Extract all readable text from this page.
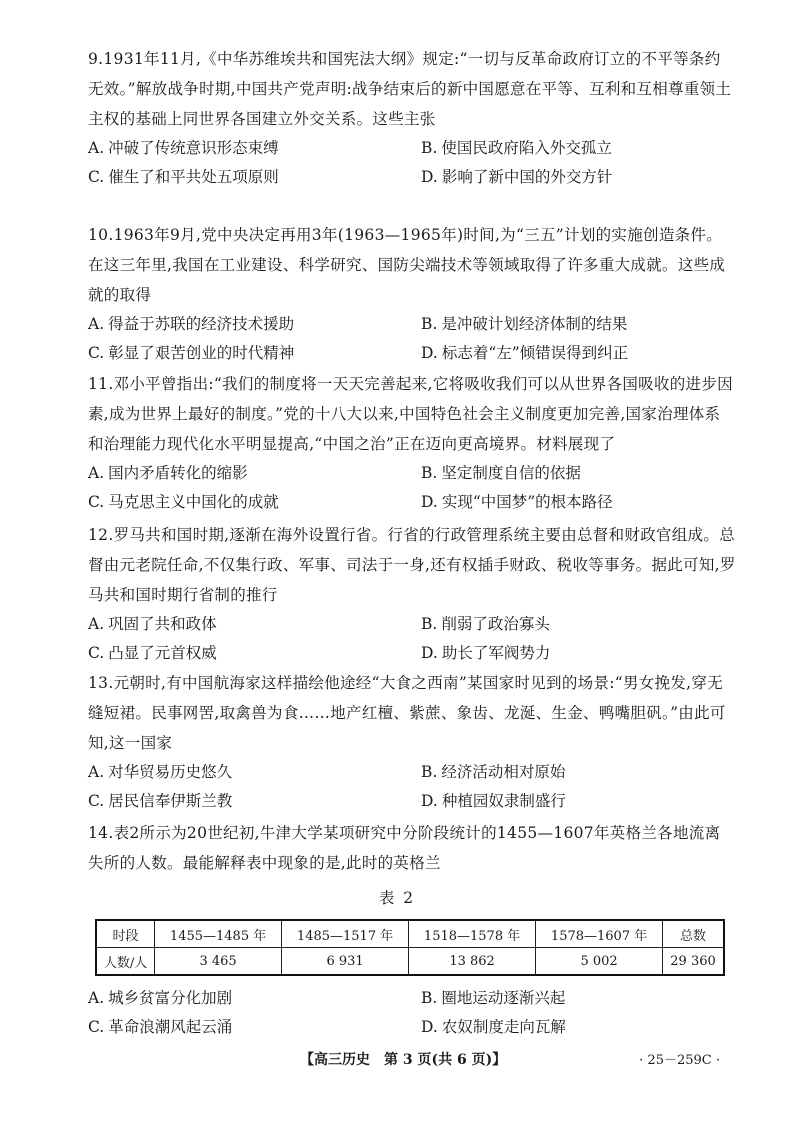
9.1931年11月,《中华苏维埃共和国宪法大纲》规定:“一切与反革命政府订立的不平等条约无效。”解放战争时期,中国共产党声明:战争结束后的新中国愿意在平等、互利和互相尊重领土主权的基础上同世界各国建立外交关系。这些主张

A. 冲破了传统意识形态束缚	B. 使国民政府陷入外交孤立
C. 催生了和平共处五项原则	D. 影响了新中国的外交方针

10.1963年9月,党中央决定再用3年(1963—1965年)时间,为“三五”计划的实施创造条件。在这三年里,我国在工业建设、科学研究、国防尖端技术等领域取得了许多重大成就。这些成就的取得

A. 得益于苏联的经济技术援助	B. 是冲破计划经济体制的结果
C. 彰显了艰苦创业的时代精神	D. 标志着“左”倾错误得到纠正

11.邓小平曾指出:“我们的制度将一天天完善起来,它将吸收我们可以从世界各国吸收的进步因素,成为世界上最好的制度。”党的十八大以来,中国特色社会主义制度更加完善,国家治理体系和治理能力现代化水平明显提高,“中国之治”正在迈向更高境界。材料展现了

A. 国内矛盾转化的缩影	B. 坚定制度自信的依据
C. 马克思主义中国化的成就	D. 实现“中国梦”的根本路径

12.罗马共和国时期,逐渐在海外设置行省。行省的行政管理系统主要由总督和财政官组成。总督由元老院任命,不仅集行政、军事、司法于一身,还有权插手财政、税收等事务。据此可知,罗马共和国时期行省制的推行

A. 巩固了共和政体	B. 削弱了政治寡头
C. 凸显了元首权威	D. 助长了军阀势力

13.元朝时,有中国航海家这样描绘他途经“大食之西南”某国家时见到的场景:“男女挽发,穿无缝短裙。民事网罟,取禽兽为食……地产红檀、紫蔗、象齿、龙涎、生金、鸭嘴胆矾。”由此可知,这一国家

A. 对华贸易历史悠久	B. 经济活动相对原始
C. 居民信奉伊斯兰教	D. 种植园奴隶制盛行

14.表2所示为20世纪初,牛津大学某项研究中分阶段统计的1455—1607年英格兰各地流离失所的人数。最能解释表中现象的是,此时的英格兰

表 2
时段	1455—1485 年	1485—1517 年	1518—1578 年	1578—1607 年	总数
人数/人	3 465	6 931	13 862	5 002	29 360
A. 城乡贫富分化加剧	B. 圈地运动逐渐兴起
C. 革命浪潮风起云涌	D. 农奴制度走向瓦解
【高三历史　第 3 页(共 6 页)】	· 25－259C ·
